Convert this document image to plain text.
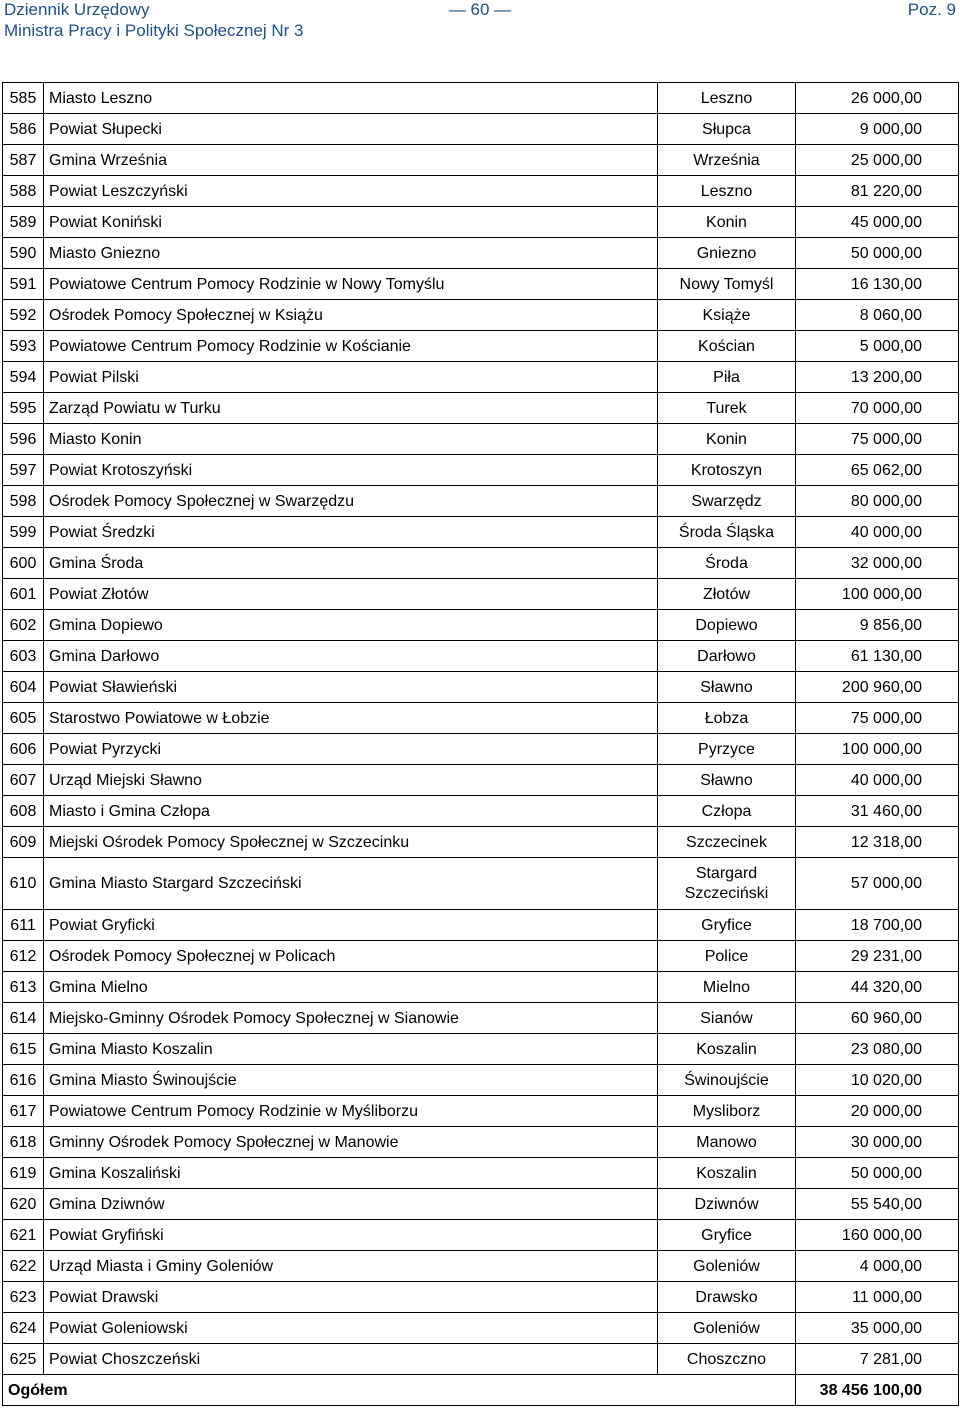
Dziennik Urzędowy	— 60 —	Poz. 9
Ministra Pracy i Polityki Społecznej Nr 3
585	Miasto Leszno	Leszno	26 000,00
586	Powiat Słupecki	Słupca	9 000,00
587	Gmina Września	Września	25 000,00
588	Powiat Leszczyński	Leszno	81 220,00
589	Powiat Koniński	Konin	45 000,00
590	Miasto Gniezno	Gniezno	50 000,00
591	Powiatowe Centrum Pomocy Rodzinie w Nowy Tomyślu	Nowy Tomyśl	16 130,00
592	Ośrodek Pomocy Społecznej w Książu	Książe	8 060,00
593	Powiatowe Centrum Pomocy Rodzinie w Kościanie	Kościan	5 000,00
594	Powiat Pilski	Piła	13 200,00
595	Zarząd Powiatu w Turku	Turek	70 000,00
596	Miasto Konin	Konin	75 000,00
597	Powiat Krotoszyński	Krotoszyn	65 062,00
598	Ośrodek Pomocy Społecznej w Swarzędzu	Swarzędz	80 000,00
599	Powiat Średzki	Środa Śląska	40 000,00
600	Gmina Środa	Środa	32 000,00
601	Powiat Złotów	Złotów	100 000,00
602	Gmina Dopiewo	Dopiewo	9 856,00
603	Gmina Darłowo	Darłowo	61 130,00
604	Powiat Sławieński	Sławno	200 960,00
605	Starostwo Powiatowe w Łobzie	Łobza	75 000,00
606	Powiat Pyrzycki	Pyrzyce	100 000,00
607	Urząd Miejski Sławno	Sławno	40 000,00
608	Miasto i Gmina Człopa	Człopa	31 460,00
609	Miejski Ośrodek Pomocy Społecznej w Szczecinku	Szczecinek	12 318,00
610	Gmina Miasto Stargard Szczeciński	Stargard Szczeciński	57 000,00
611	Powiat Gryficki	Gryfice	18 700,00
612	Ośrodek Pomocy Społecznej w Policach	Police	29 231,00
613	Gmina Mielno	Mielno	44 320,00
614	Miejsko-Gminny Ośrodek Pomocy Społecznej w Sianowie	Sianów	60 960,00
615	Gmina Miasto Koszalin	Koszalin	23 080,00
616	Gmina Miasto Świnoujście	Świnoujście	10 020,00
617	Powiatowe Centrum Pomocy Rodzinie w Myśliborzu	Mysliborz	20 000,00
618	Gminny Ośrodek Pomocy Społecznej w Manowie	Manowo	30 000,00
619	Gmina Koszaliński	Koszalin	50 000,00
620	Gmina Dziwnów	Dziwnów	55 540,00
621	Powiat Gryfiński	Gryfice	160 000,00
622	Urząd Miasta i Gminy Goleniów	Goleniów	4 000,00
623	Powiat Drawski	Drawsko	11 000,00
624	Powiat Goleniowski	Goleniów	35 000,00
625	Powiat Choszczeński	Choszczno	7 281,00
Ogółem			38 456 100,00
